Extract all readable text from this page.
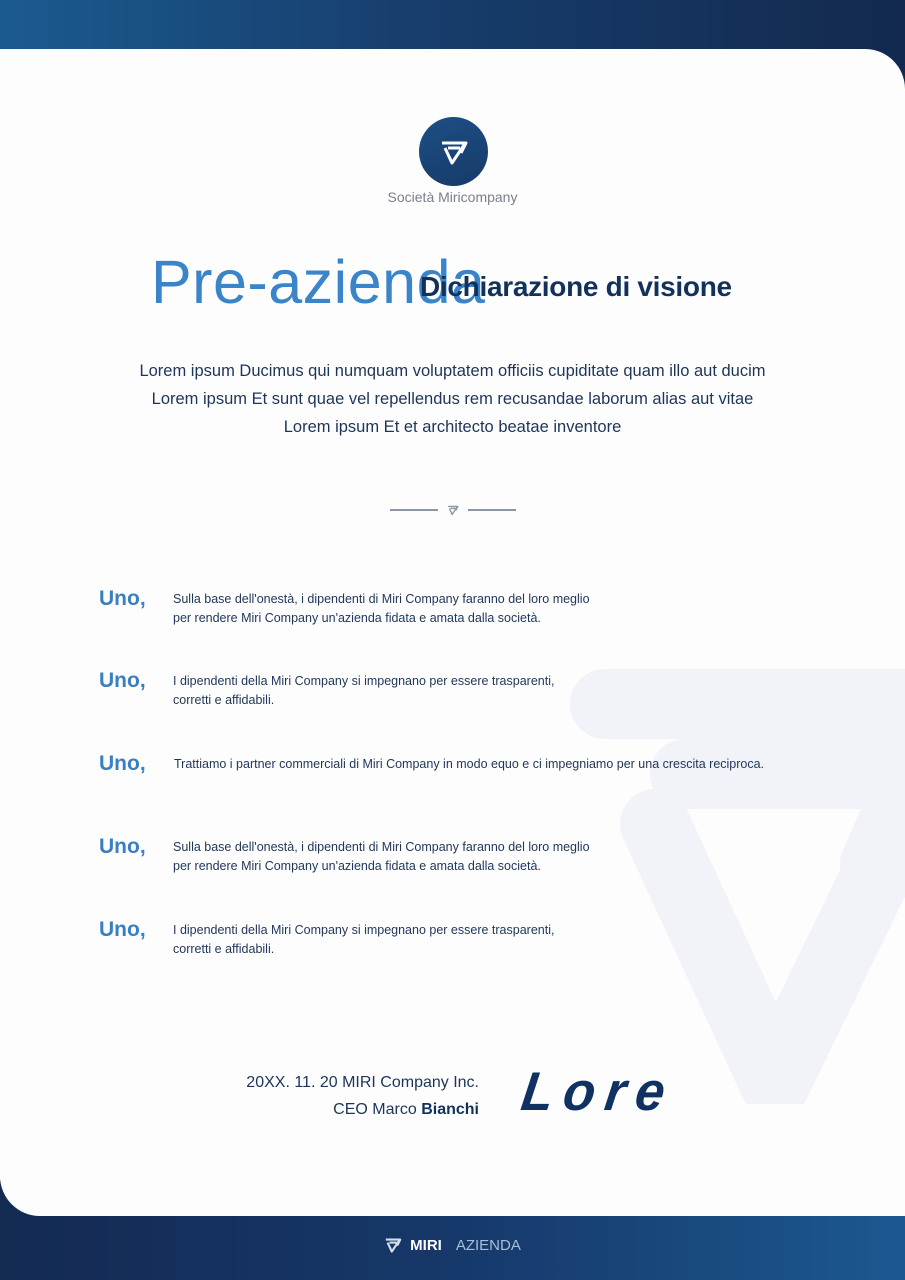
Società Miricompany
Pre-azienda
Dichiarazione di visione
Lorem ipsum Ducimus qui numquam voluptatem officiis cupiditate quam illo aut ducim
Lorem ipsum Et sunt quae vel repellendus rem recusandae laborum alias aut vitae
Lorem ipsum Et et architecto beatae inventore
Uno,	Sulla base dell'onestà, i dipendenti di Miri Company faranno del loro meglio
per rendere Miri Company un'azienda fidata e amata dalla società.
Uno,	I dipendenti della Miri Company si impegnano per essere trasparenti,
corretti e affidabili.
Uno,	Trattiamo i partner commerciali di Miri Company in modo equo e ci impegniamo per una crescita reciproca.
Uno,	Sulla base dell'onestà, i dipendenti di Miri Company faranno del loro meglio
per rendere Miri Company un'azienda fidata e amata dalla società.
Uno,	I dipendenti della Miri Company si impegnano per essere trasparenti,
corretti e affidabili.
20XX. 11. 20 MIRI Company Inc.
CEO Marco Bianchi Lore
MIRI AZIENDA
